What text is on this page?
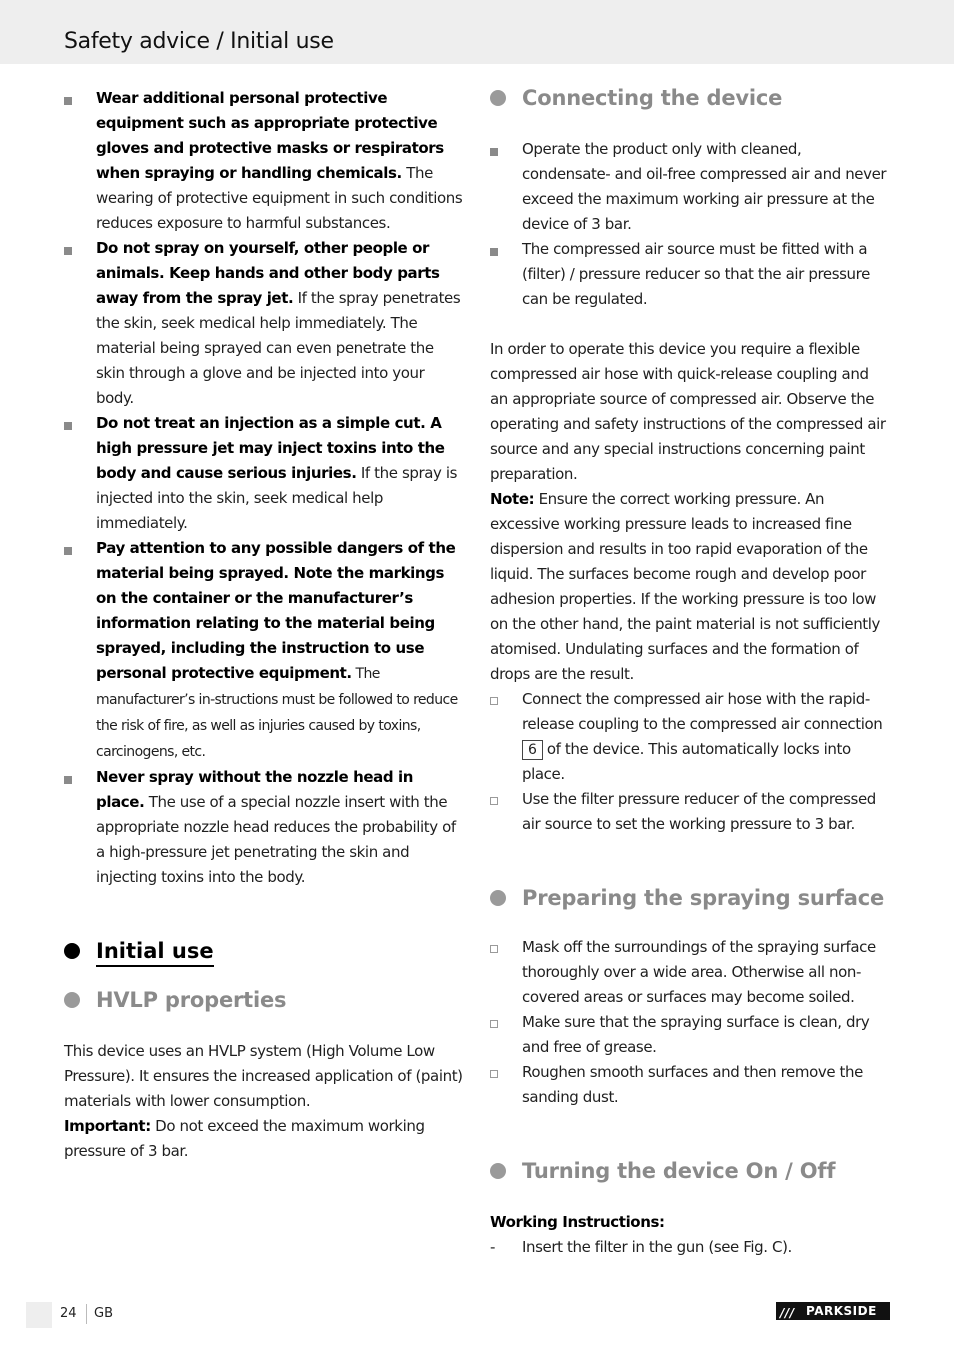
Safety advice / Initial use
Wear additional personal protective equipment such as appropriate protective gloves and protective masks or respirators when spraying or handling chemicals. The wearing of protective equipment in such conditions reduces exposure to harmful substances.
Do not spray on yourself, other people or animals. Keep hands and other body parts away from the spray jet. If the spray penetrates the skin, seek medical help immediately. The material being sprayed can even penetrate the skin through a glove and be injected into your body.
Do not treat an injection as a simple cut. A high pressure jet may inject toxins into the body and cause serious injuries. If the spray is injected into the skin, seek medical help immediately.
Pay attention to any possible dangers of the material being sprayed. Note the markings on the container or the manufacturer’s information relating to the material being sprayed, including the instruction to use personal protective equipment. The manufacturer’s in-structions must be followed to reduce the risk of fire, as well as injuries caused by toxins, carcinogens, etc.
Never spray without the nozzle head in place. The use of a special nozzle insert with the appropriate nozzle head reduces the probability of a high-pressure jet penetrating the skin and injecting toxins into the body.
Initial use
HVLP properties
This device uses an HVLP system (High Volume Low Pressure). It ensures the increased application of (paint) materials with lower consumption.
Important: Do not exceed the maximum working pressure of 3 bar.
Connecting the device
Operate the product only with cleaned, condensate- and oil-free compressed air and never exceed the maximum working air pressure at the device of 3 bar.
The compressed air source must be fitted with a (filter) / pressure reducer so that the air pressure can be regulated.
In order to operate this device you require a flexible compressed air hose with quick-release coupling and an appropriate source of compressed air. Observe the operating and safety instructions of the compressed air source and any special instructions concerning paint preparation.
Note: Ensure the correct working pressure. An excessive working pressure leads to increased fine dispersion and results in too rapid evaporation of the liquid. The surfaces become rough and develop poor adhesion properties. If the working pressure is too low on the other hand, the paint material is not sufficiently atomised. Undulating surfaces and the formation of drops are the result.
Connect the compressed air hose with the rapid-release coupling to the compressed air connection 6 of the device. This automatically locks into place.
Use the filter pressure reducer of the compressed air source to set the working pressure to 3 bar.
Preparing the spraying surface
Mask off the surroundings of the spraying surface thoroughly over a wide area. Otherwise all non-covered areas or surfaces may become soiled.
Make sure that the spraying surface is clean, dry and free of grease.
Roughen smooth surfaces and then remove the sanding dust.
Turning the device On / Off
Working Instructions:
- Insert the filter in the gun (see Fig. C).
24 GB	/// PARKSIDE
